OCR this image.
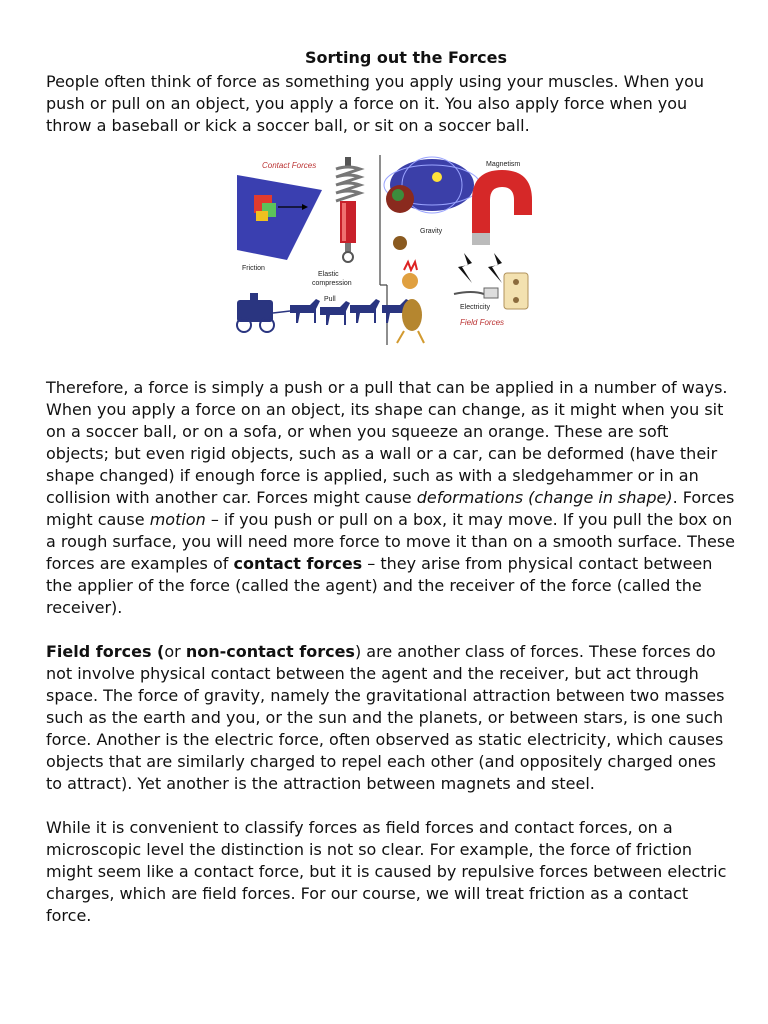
Sorting out the Forces

People often think of force as something you apply using your muscles. When you push or pull on an object, you apply a force on it. You also apply force when you throw a baseball or kick a soccer ball, or sit on a soccer ball.

Contact Forces
Friction
Elastic
compression
Pull
Magnetism
Gravity
Electricity
Field Forces

Therefore, a force is simply a push or a pull that can be applied in a number of ways. When you apply a force on an object, its shape can change, as it might when you sit on a soccer ball, or on a sofa, or when you squeeze an orange. These are soft objects; but even rigid objects, such as a wall or a car, can be deformed (have their shape changed) if enough force is applied, such as with a sledgehammer or in an collision with another car. Forces might cause deformations (change in shape). Forces might cause motion – if you push or pull on a box, it may move. If you pull the box on a rough surface, you will need more force to move it than on a smooth surface. These forces are examples of contact forces – they arise from physical contact between the applier of the force (called the agent) and the receiver of the force (called the receiver).

Field forces (or non-contact forces) are another class of forces. These forces do not involve physical contact between the agent and the receiver, but act through space. The force of gravity, namely the gravitational attraction between two masses such as the earth and you, or the sun and the planets, or between stars, is one such force. Another is the electric force, often observed as static electricity, which causes objects that are similarly charged to repel each other (and oppositely charged ones to attract). Yet another is the attraction between magnets and steel.

While it is convenient to classify forces as field forces and contact forces, on a microscopic level the distinction is not so clear. For example, the force of friction might seem like a contact force, but it is caused by repulsive forces between electric charges, which are field forces. For our course, we will treat friction as a contact force.
